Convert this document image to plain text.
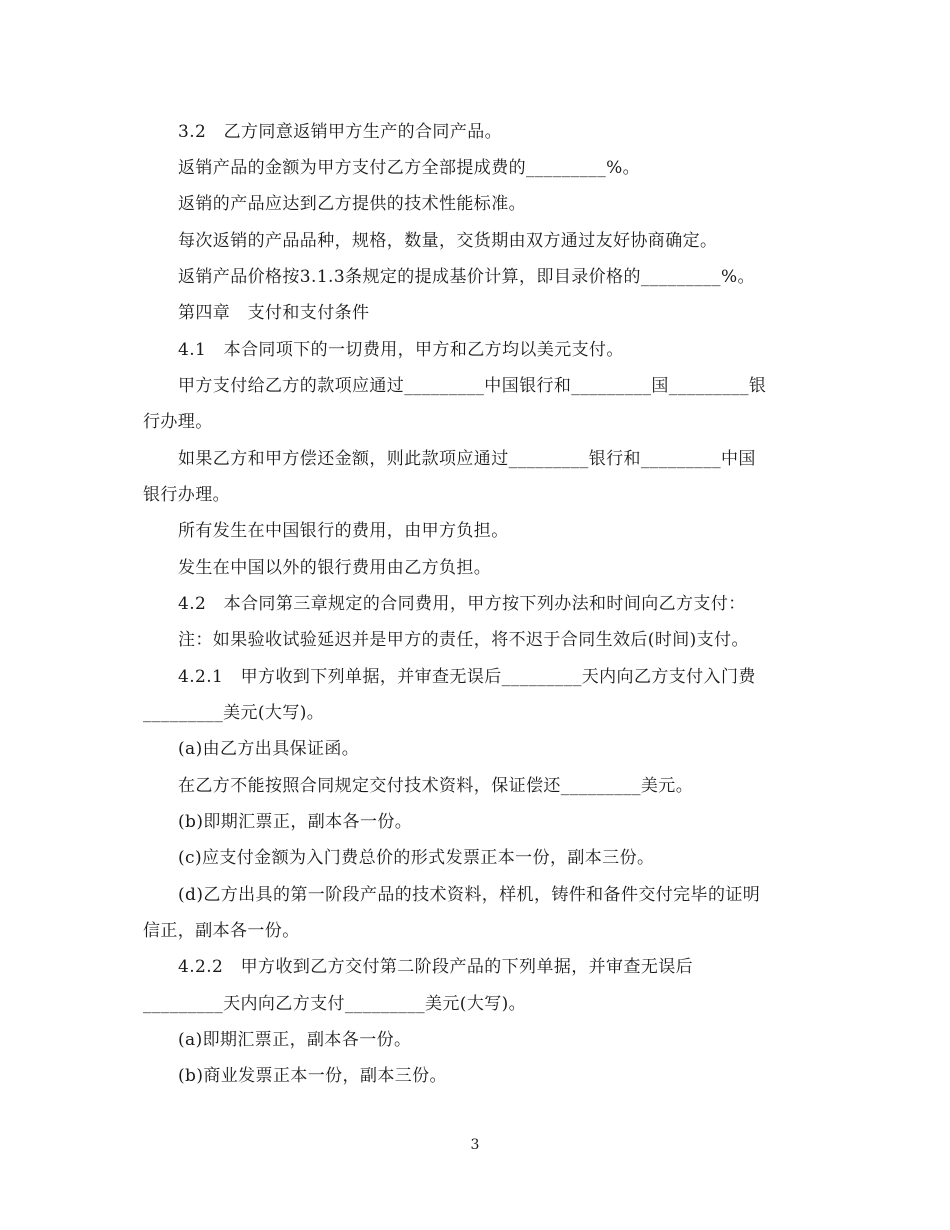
3.2　乙方同意返销甲方生产的合同产品。
返销产品的金额为甲方支付乙方全部提成费的_________%。
返销的产品应达到乙方提供的技术性能标准。
每次返销的产品品种，规格，数量，交货期由双方通过友好协商确定。
返销产品价格按3.1.3条规定的提成基价计算，即目录价格的_________%。
第四章　支付和支付条件
4.1　本合同项下的一切费用，甲方和乙方均以美元支付。
甲方支付给乙方的款项应通过_________中国银行和_________国_________银
行办理。
如果乙方和甲方偿还金额，则此款项应通过_________银行和_________中国
银行办理。
所有发生在中国银行的费用，由甲方负担。
发生在中国以外的银行费用由乙方负担。
4.2　本合同第三章规定的合同费用，甲方按下列办法和时间向乙方支付：
注：如果验收试验延迟并是甲方的责任，将不迟于合同生效后(时间)支付。
4.2.1　甲方收到下列单据，并审查无误后_________天内向乙方支付入门费
_________美元(大写)。
(a)由乙方出具保证函。
在乙方不能按照合同规定交付技术资料，保证偿还_________美元。
(b)即期汇票正，副本各一份。
(c)应支付金额为入门费总价的形式发票正本一份，副本三份。
(d)乙方出具的第一阶段产品的技术资料，样机，铸件和备件交付完毕的证明
信正，副本各一份。
4.2.2　甲方收到乙方交付第二阶段产品的下列单据，并审查无误后
_________天内向乙方支付_________美元(大写)。
(a)即期汇票正，副本各一份。
(b)商业发票正本一份，副本三份。
3
